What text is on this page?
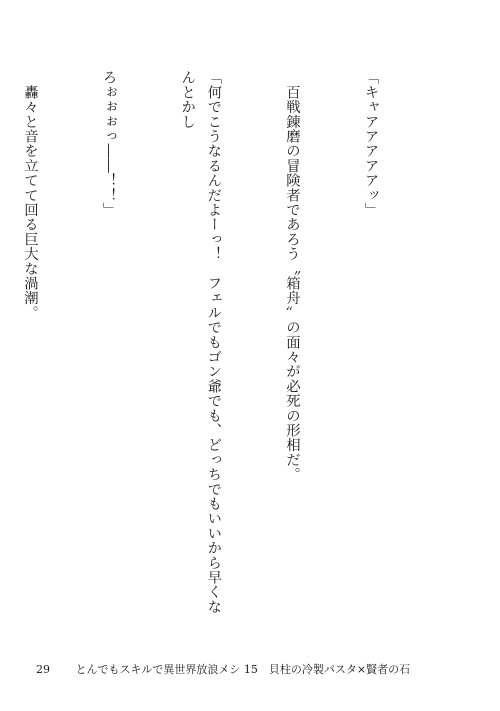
「キャアアアアアッ」

　百戦錬磨の冒険者であろう〝箱舟〟の面々が必死の形相だ。

「何でこうなるんだよーっ！　フェルでもゴン爺でも、どっちでもいいから早くなんとかし

ろぉぉぉっ――！！」

　轟々と音を立てて回る巨大な渦潮。

29 とんでもスキルで異世界放浪メシ 15　貝柱の冷製パスタ×賢者の石
